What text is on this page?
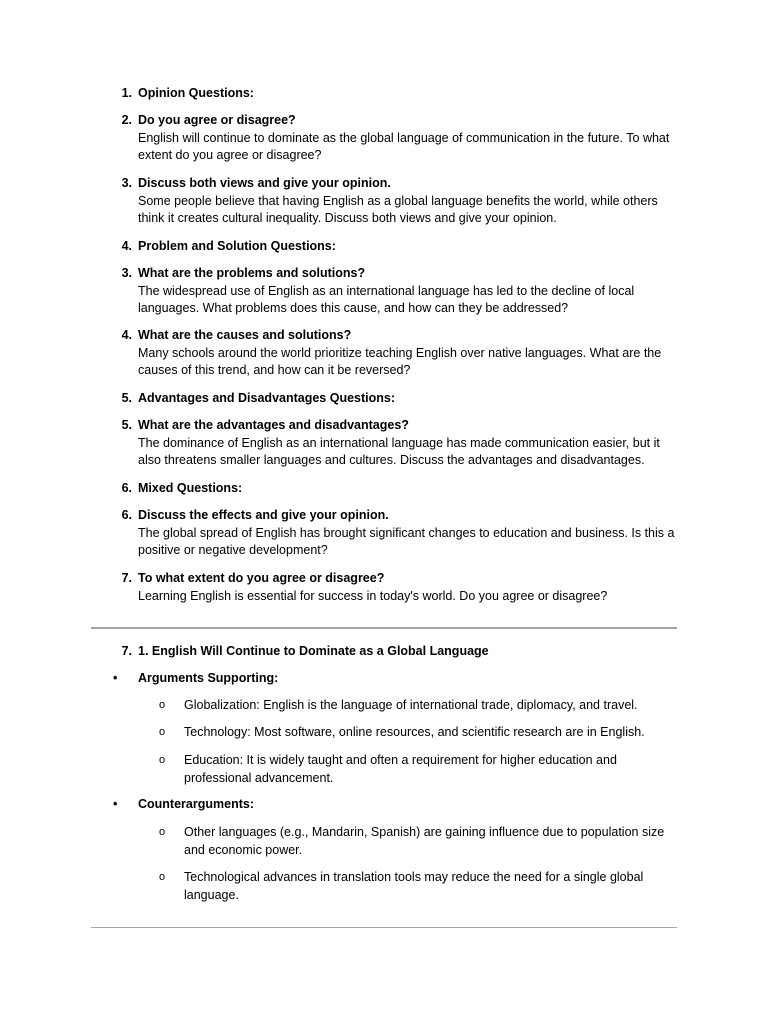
1. Opinion Questions:
2. Do you agree or disagree?
English will continue to dominate as the global language of communication in the future. To what extent do you agree or disagree?
3. Discuss both views and give your opinion.
Some people believe that having English as a global language benefits the world, while others think it creates cultural inequality. Discuss both views and give your opinion.
4. Problem and Solution Questions:
3. What are the problems and solutions?
The widespread use of English as an international language has led to the decline of local languages. What problems does this cause, and how can they be addressed?
4. What are the causes and solutions?
Many schools around the world prioritize teaching English over native languages. What are the causes of this trend, and how can it be reversed?
5. Advantages and Disadvantages Questions:
5. What are the advantages and disadvantages?
The dominance of English as an international language has made communication easier, but it also threatens smaller languages and cultures. Discuss the advantages and disadvantages.
6. Mixed Questions:
6. Discuss the effects and give your opinion.
The global spread of English has brought significant changes to education and business. Is this a positive or negative development?
7. To what extent do you agree or disagree?
Learning English is essential for success in today's world. Do you agree or disagree?
7. 1. English Will Continue to Dominate as a Global Language
•	Arguments Supporting:
o	Globalization: English is the language of international trade, diplomacy, and travel.
o	Technology: Most software, online resources, and scientific research are in English.
o	Education: It is widely taught and often a requirement for higher education and professional advancement.
•	Counterarguments:
o	Other languages (e.g., Mandarin, Spanish) are gaining influence due to population size and economic power.
o	Technological advances in translation tools may reduce the need for a single global language.
